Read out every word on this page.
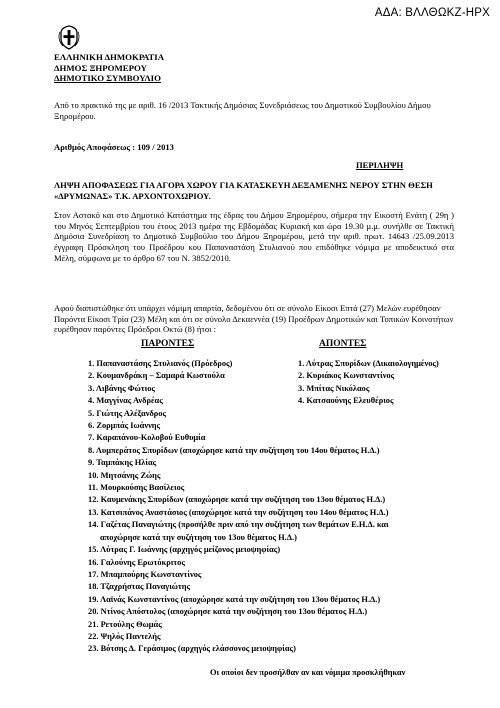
ΑΔΑ: ΒΛΛΘΩΚΖ-ΗΡΧ
ΕΛΛΗΝΙΚΗ ΔΗΜΟΚΡΑΤΙΑ
ΔΗΜΟΣ ΞΗΡΟΜΕΡΟΥ
ΔΗΜΟΤΙΚΟ ΣΥΜΒΟΥΛΙΟ
Από το πρακτικό της με αριθ. 16 /2013 Τακτικής Δημόσιας Συνεδριάσεως του Δημοτικού Συμβουλίου Δήμου Ξηρομέρου.
Αριθμός Αποφάσεως : 109 / 2013
ΠΕΡΙΛΗΨΗ
ΛΗΨΗ ΑΠΟΦΑΣΕΩΣ ΓΙΑ ΑΓΟΡΑ ΧΩΡΟΥ ΓΙΑ ΚΑΤΑΣΚΕΥΗ ΔΕΞΑΜΕΝΗΣ ΝΕΡΟΥ ΣΤΗΝ ΘΕΣΗ «ΔΡΥΜΩΝΑΣ» Τ.Κ. ΑΡΧΟΝΤΟΧΩΡΙΟΥ.
Στον Αστακό και στο Δημοτικό Κατάστημα της έδρας του Δήμου Ξηρομέρου, σήμερα την Εικοστή Ενάτη ( 29η ) του Μηνός Σεπτεμβρίου του έτους 2013 ημέρα της Εβδομάδας Κυριακή και ώρα 19.30 μ.μ. συνήλθε σε Τακτική Δημόσια Συνεδρίαση το Δημοτικό Συμβούλιο του Δήμου Ξηρομέρου, μετά την αριθ. πρωτ. 14643 /25.09.2013 έγγραφη Πρόσκληση του Προέδρου κου Παπαναστάση Στυλιανού που επιδόθηκε νόμιμα με αποδεικτικό στα Μέλη, σύμφωνα με το άρθρο 67 του Ν. 3852/2010.
Αφού διαπιστώθηκε ότι υπάρχει νόμιμη απαρτία, δεδομένου ότι σε σύνολο Είκοσι Επτά (27) Μελών ευρέθησαν Παρόντα Είκοσι Τρία (23) Μέλη και ότι σε σύνολο Δεκαεννέα (19) Προέδρων Δημοτικών και Τοπικών Κοινοτήτων ευρέθησαν παρόντες Πρόεδροι Οκτώ (8) ήτοι :
ΠΑΡΟΝΤΕΣ	ΑΠΟΝΤΕΣ
1. Παπαναστάσης Στυλιανός (Πρόεδρος)
2. Κουμανδράκη – Σαμαρά Κωστούλα
3. Λιβάνης Φώτιος
4. Μαγγίνας Ανδρέας
5. Γιώτης Αλέξανδρος
6. Ζορμπάς Ιωάννης
7. Καραπάνου-Κολοβού Ευθυμία
8. Λυμπεράτος Σπυρίδων (αποχώρησε κατά την συζήτηση του 14ου θέματος Η.Δ.)
9. Ταμπάκης Ηλίας
10. Μητσάνης Ζώης
11. Μουρκούσης Βασίλειος
12. Καυμενάκης Σπυρίδων (αποχώρησε κατά την συζήτηση του 13ου θέματος Η.Δ.)
13. Κατσιπάνος Αναστάσιος (αποχώρησε κατά την συζήτηση του 14ου θέματος Η.Δ.)
14. Γαζέτας Παναγιώτης (προσήλθε πριν από την συζήτηση των θεμάτων Ε.Η.Δ. και
αποχώρησε κατά την συζήτηση του 13ου θέματος Η.Δ.)
15. Λύτρας Γ. Ιωάννης (αρχηγός μείζονος μειοψηφίας)
16. Γαλούνης Ερωτόκριτος
17. Μπαμπούρης Κωνσταντίνος
18. Τζαχρήστας Παναγιώτης
19. Λαϊνάς Κωνσταντίνος (αποχώρησε κατά την συζήτηση του 13ου θέματος Η.Δ.)
20. Ντίνος Απόστολος (αποχώρησε κατά την συζήτηση του 13ου θέματος Η.Δ.)
21. Ρετούλης Θωμάς
22. Ψηλός Παντελής
23. Βότσης Δ. Γεράσιμος (αρχηγός ελάσσονος μειοψηφίας)
1. Λύτρας Σπυρίδων (Δικαιολογημένος)
2. Κυριάκος Κωνσταντίνος
3. Μπίτας Νικόλαος
4. Κατσαούνης Ελευθέριος
Οι οποίοι δεν προσήλθαν αν και νόμιμα προσκλήθηκαν
